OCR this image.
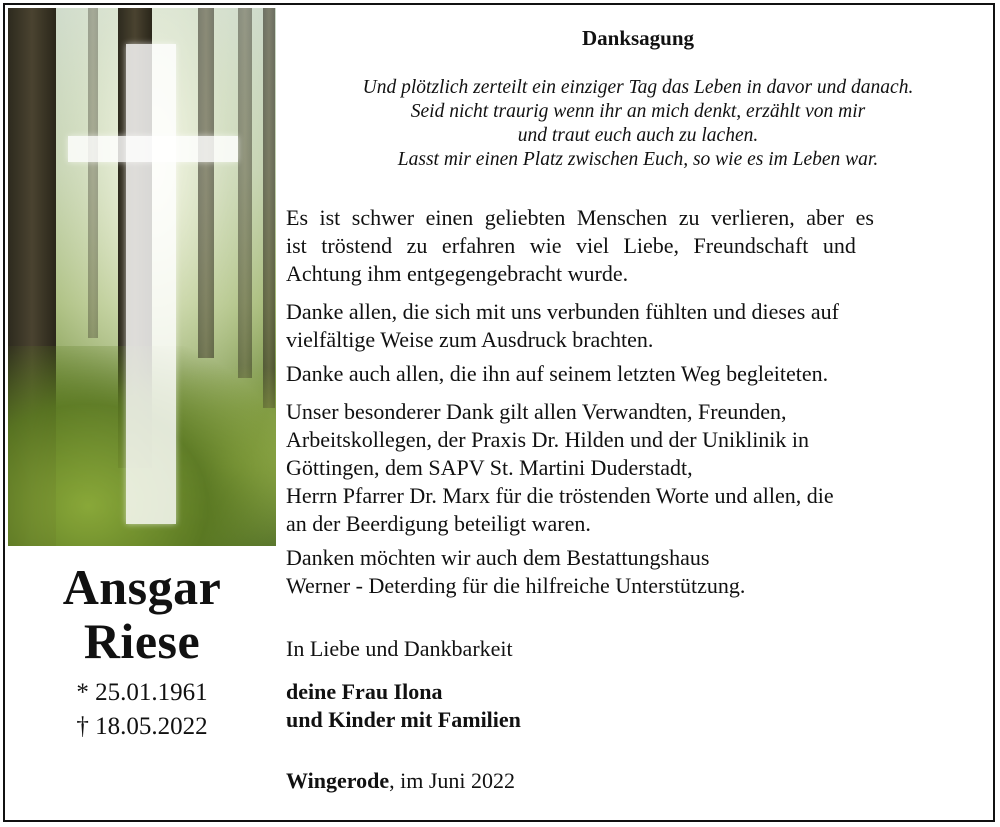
Ansgar
Riese
* 25.01.1961
† 18.05.2022
Danksagung
Und plötzlich zerteilt ein einziger Tag das Leben in davor und danach.
Seid nicht traurig wenn ihr an mich denkt, erzählt von mir
und traut euch auch zu lachen.
Lasst mir einen Platz zwischen Euch, so wie es im Leben war.
Es ist schwer einen geliebten Menschen zu verlieren, aber es
ist tröstend zu erfahren wie viel Liebe, Freundschaft und
Achtung ihm entgegengebracht wurde.
Danke allen, die sich mit uns verbunden fühlten und dieses auf
vielfältige Weise zum Ausdruck brachten.
Danke auch allen, die ihn auf seinem letzten Weg begleiteten.
Unser besonderer Dank gilt allen Verwandten, Freunden,
Arbeitskollegen, der Praxis Dr. Hilden und der Uniklinik in
Göttingen, dem SAPV St. Martini Duderstadt,
Herrn Pfarrer Dr. Marx für die tröstenden Worte und allen, die
an der Beerdigung beteiligt waren.
Danken möchten wir auch dem Bestattungshaus
Werner - Deterding für die hilfreiche Unterstützung.
In Liebe und Dankbarkeit
deine Frau Ilona
und Kinder mit Familien
Wingerode, im Juni 2022
